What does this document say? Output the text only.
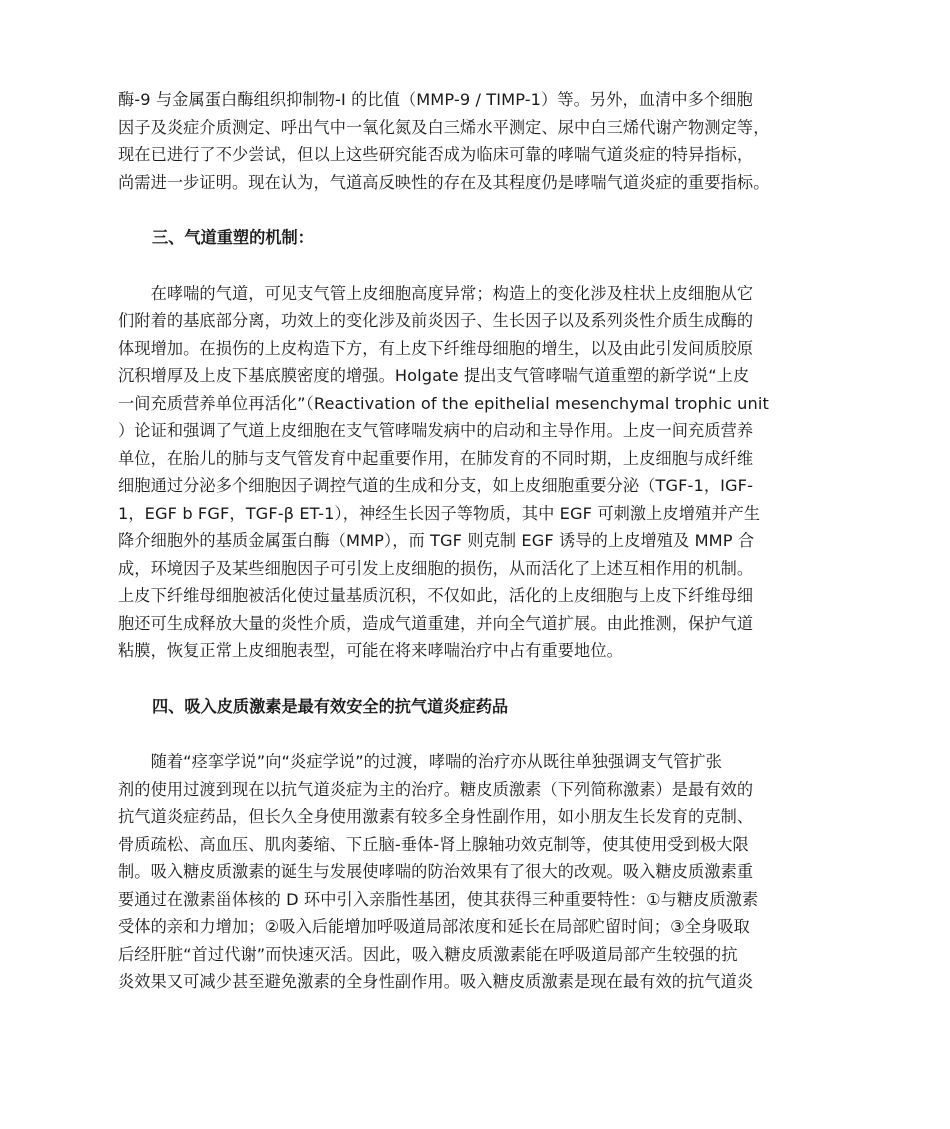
酶-9 与金属蛋白酶组织抑制物-I 的比值（MMP-9 / TIMP-1）等。另外，血清中多个细胞
因子及炎症介质测定、呼出气中一氧化氮及白三烯水平测定、尿中白三烯代谢产物测定等，
现在已进行了不少尝试，但以上这些研究能否成为临床可靠的哮喘气道炎症的特异指标，
尚需进一步证明。现在认为，气道高反映性的存在及其程度仍是哮喘气道炎症的重要指标。

三、气道重塑的机制：

　　在哮喘的气道，可见支气管上皮细胞高度异常；构造上的变化涉及柱状上皮细胞从它
们附着的基底部分离，功效上的变化涉及前炎因子、生长因子以及系列炎性介质生成酶的
体现增加。在损伤的上皮构造下方，有上皮下纤维母细胞的增生，以及由此引发间质胶原
沉积增厚及上皮下基底膜密度的增强。Holgate 提出支气管哮喘气道重塑的新学说“上皮
一间充质营养单位再活化”（Reactivation of the epithelial mesenchymal trophic unit
）论证和强调了气道上皮细胞在支气管哮喘发病中的启动和主导作用。上皮一间充质营养
单位，在胎儿的肺与支气管发育中起重要作用，在肺发育的不同时期，上皮细胞与成纤维
细胞通过分泌多个细胞因子调控气道的生成和分支，如上皮细胞重要分泌（TGF-1，IGF-
1，EGF b FGF，TGF-β ET-1），神经生长因子等物质，其中 EGF 可刺激上皮增殖并产生
降介细胞外的基质金属蛋白酶（MMP），而 TGF 则克制 EGF 诱导的上皮增殖及 MMP 合
成，环境因子及某些细胞因子可引发上皮细胞的损伤，从而活化了上述互相作用的机制。
上皮下纤维母细胞被活化使过量基质沉积，不仅如此，活化的上皮细胞与上皮下纤维母细
胞还可生成释放大量的炎性介质，造成气道重建，并向全气道扩展。由此推测，保护气道
粘膜，恢复正常上皮细胞表型，可能在将来哮喘治疗中占有重要地位。

四、吸入皮质激素是最有效安全的抗气道炎症药品

　　随着“痉挛学说”向“炎症学说”的过渡，哮喘的治疗亦从既往单独强调支气管扩张
剂的使用过渡到现在以抗气道炎症为主的治疗。糖皮质激素（下列简称激素）是最有效的
抗气道炎症药品，但长久全身使用激素有较多全身性副作用，如小朋友生长发育的克制、
骨质疏松、高血压、肌肉萎缩、下丘脑-垂体-肾上腺轴功效克制等，使其使用受到极大限
制。吸入糖皮质激素的诞生与发展使哮喘的防治效果有了很大的改观。吸入糖皮质激素重
要通过在激素甾体核的 D 环中引入亲脂性基团，使其获得三种重要特性：①与糖皮质激素
受体的亲和力增加；②吸入后能增加呼吸道局部浓度和延长在局部贮留时间；③全身吸取
后经肝脏“首过代谢”而快速灭活。因此，吸入糖皮质激素能在呼吸道局部产生较强的抗
炎效果又可减少甚至避免激素的全身性副作用。吸入糖皮质激素是现在最有效的抗气道炎
